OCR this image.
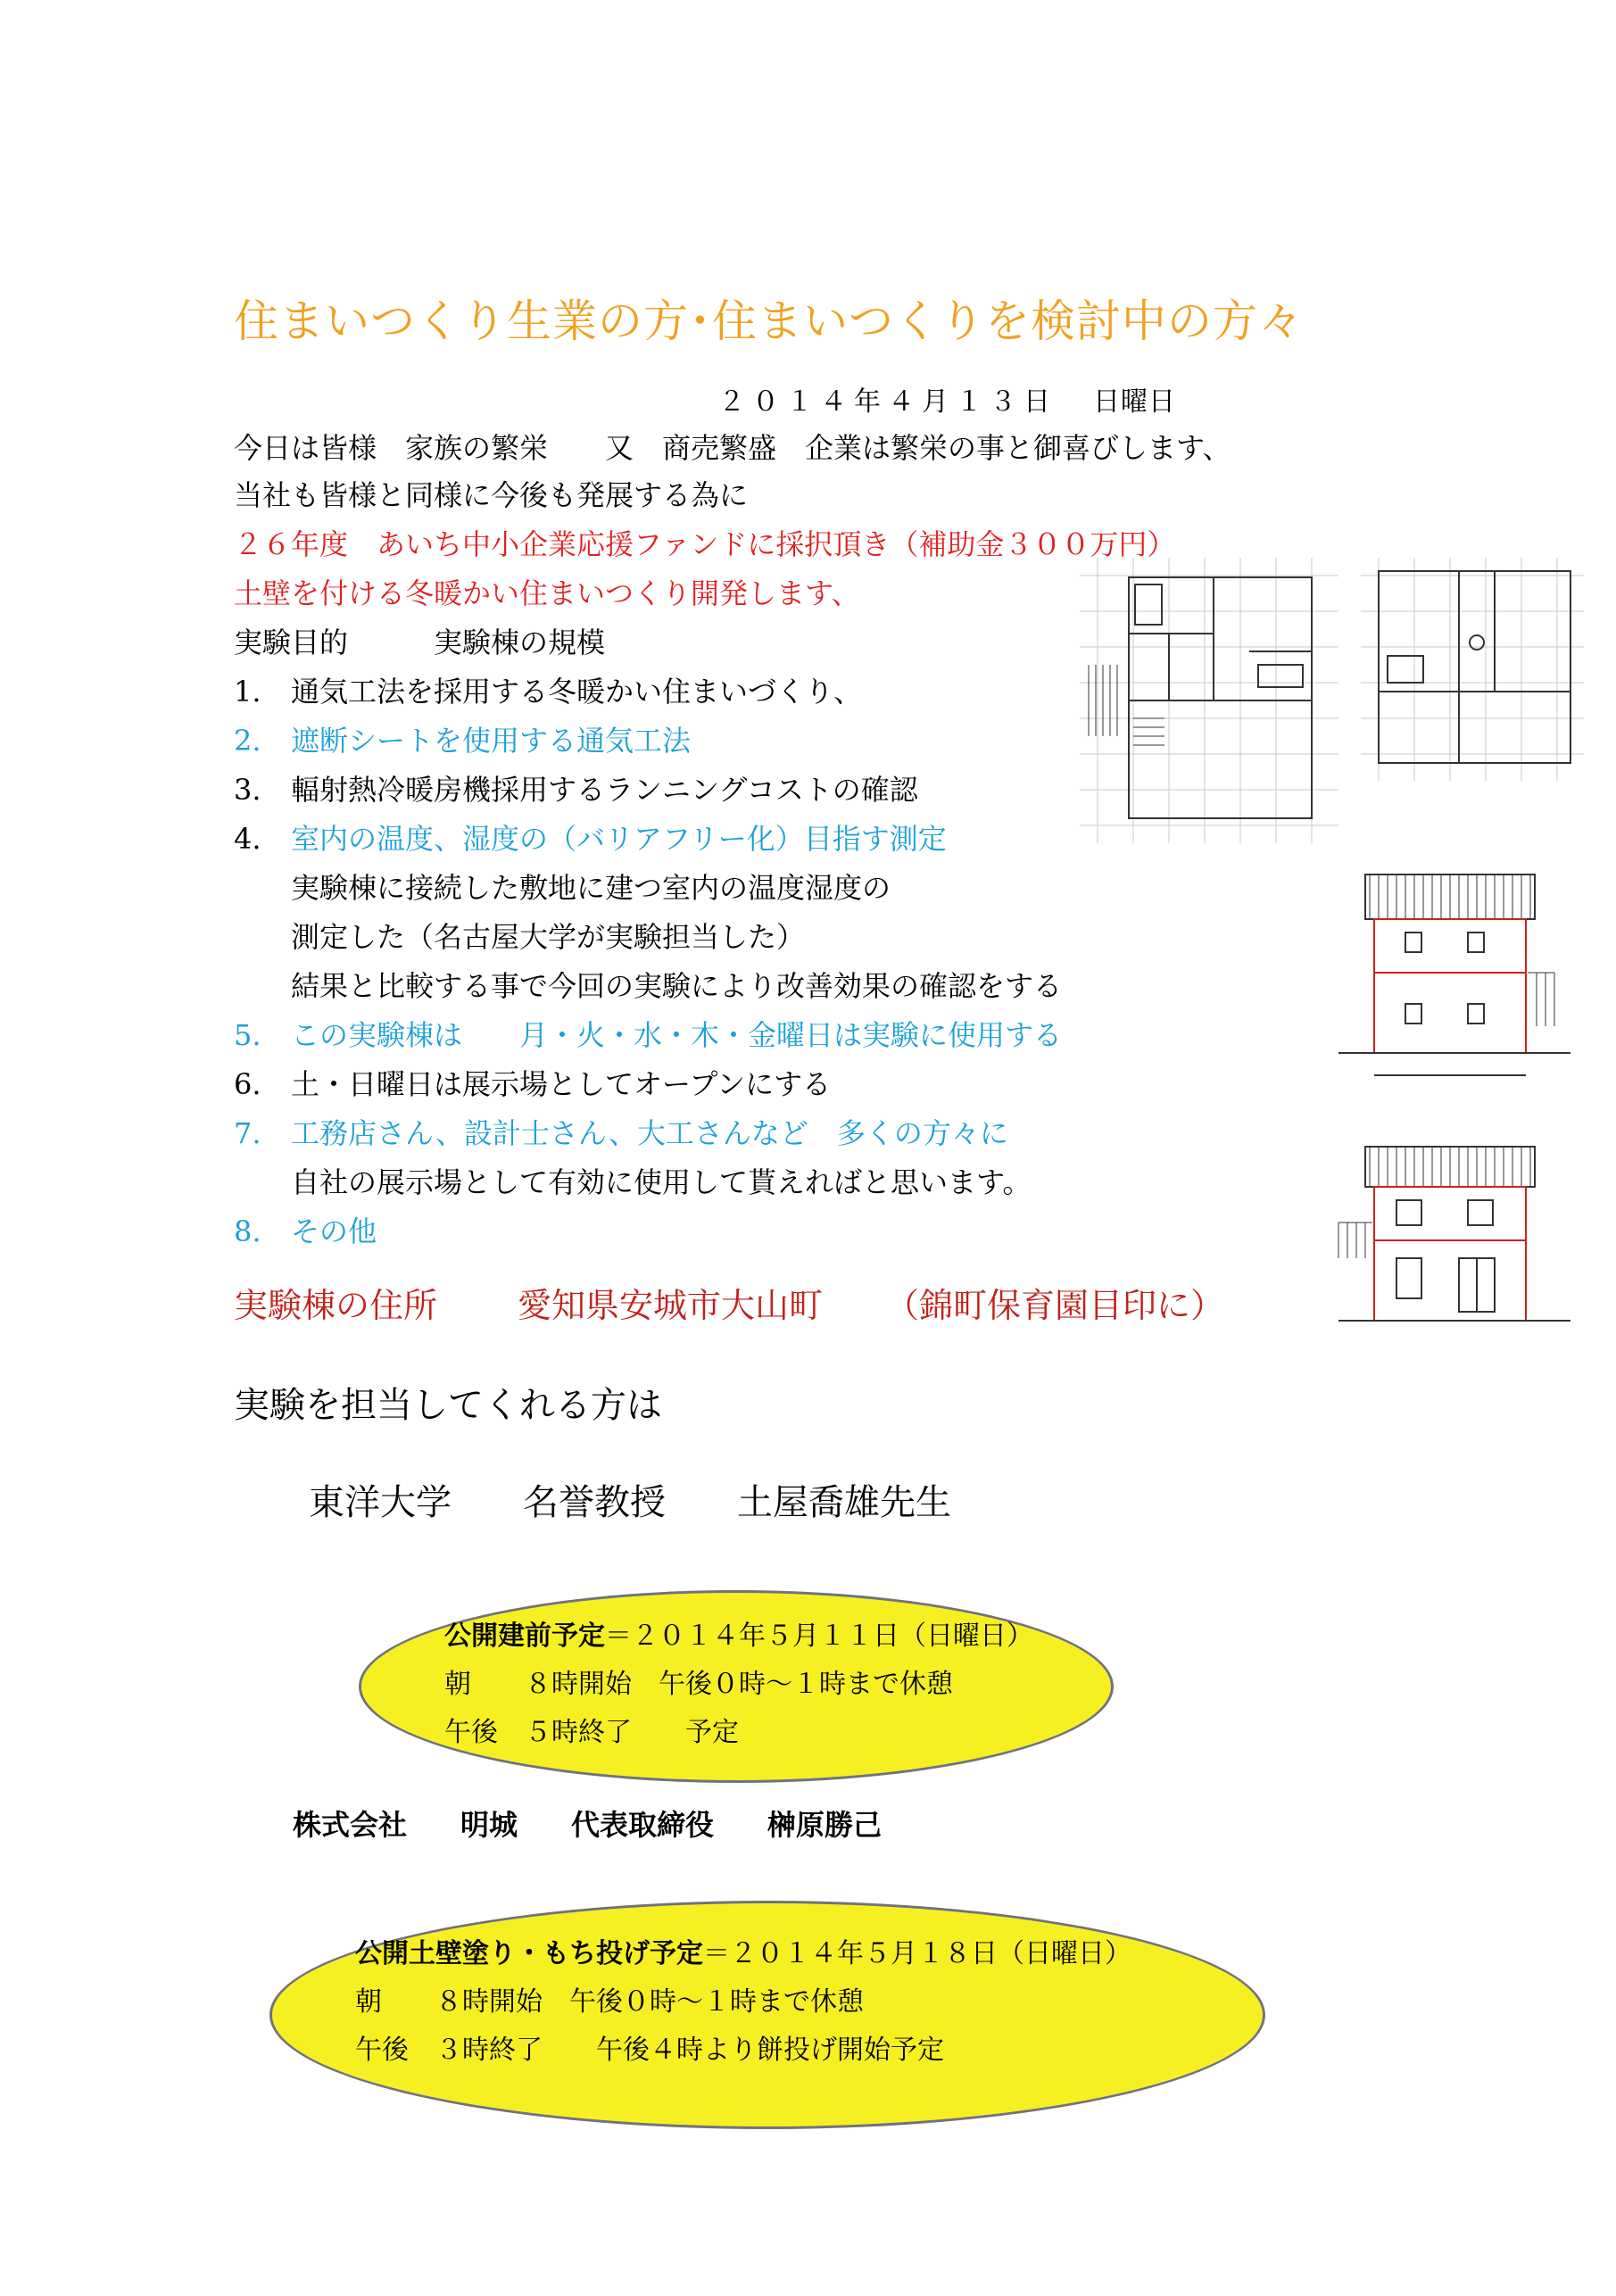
住まいつくり生業の方･住まいつくりを検討中の方々
２０１４年４月１３日 日曜日
今日は皆様　家族の繁栄　　又　商売繁盛　企業は繁栄の事と御喜びします、
当社も皆様と同様に今後も発展する為に
２６年度　あいち中小企業応援ファンドに採択頂き（補助金３００万円）
土壁を付ける冬暖かい住まいつくり開発します、
実験目的　　　実験棟の規模
1. 通気工法を採用する冬暖かい住まいづくり、
2. 遮断シートを使用する通気工法
3. 輻射熱冷暖房機採用するランニングコストの確認
4. 室内の温度、湿度の（バリアフリー化）目指す測定
実験棟に接続した敷地に建つ室内の温度湿度の
測定した（名古屋大学が実験担当した）
結果と比較する事で今回の実験により改善効果の確認をする
5. この実験棟は　　月・火・水・木・金曜日は実験に使用する
6. 土・日曜日は展示場としてオープンにする
7. 工務店さん、設計士さん、大工さんなど　多くの方々に
自社の展示場として有効に使用して貰えればと思います。
8. その他
実験棟の住所 愛知県安城市大山町 （錦町保育園目印に）
実験を担当してくれる方は
東洋大学 名誉教授 土屋喬雄先生
公開建前予定＝２０１４年５月１１日（日曜日）
朝　　８時開始　午後０時～１時まで休憩
午後　５時終了　　予定
株式会社 明城 代表取締役 榊原勝己
公開土壁塗り・もち投げ予定＝２０１４年５月１８日（日曜日）
朝　　８時開始　午後０時～１時まで休憩
午後　３時終了　　午後４時より餅投げ開始予定
